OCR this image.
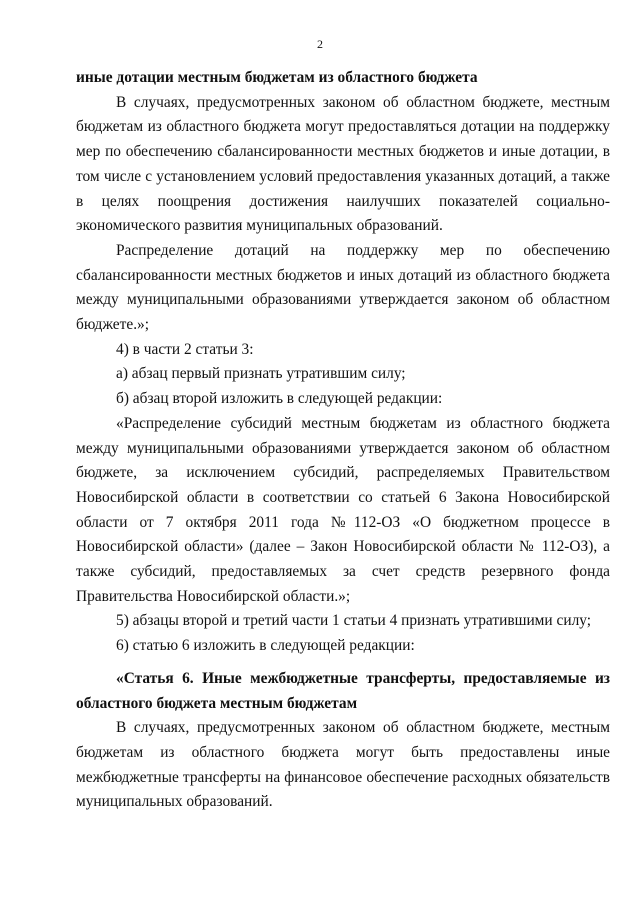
2

иные дотации местным бюджетам из областного бюджета

В случаях, предусмотренных законом об областном бюджете, местным бюджетам из областного бюджета могут предоставляться дотации на поддержку мер по обеспечению сбалансированности местных бюджетов и иные дотации, в том числе с установлением условий предоставления указанных дотаций, а также в целях поощрения достижения наилучших показателей социально-экономического развития муниципальных образований.

Распределение дотаций на поддержку мер по обеспечению сбалансированности местных бюджетов и иных дотаций из областного бюджета между муниципальными образованиями утверждается законом об областном бюджете.»;

4) в части 2 статьи 3:

а) абзац первый признать утратившим силу;

б) абзац второй изложить в следующей редакции:

«Распределение субсидий местным бюджетам из областного бюджета между муниципальными образованиями утверждается законом об областном бюджете, за исключением субсидий, распределяемых Правительством Новосибирской области в соответствии со статьей 6 Закона Новосибирской области от 7 октября 2011 года №112-ОЗ «О бюджетном процессе в Новосибирской области» (далее – Закон Новосибирской области № 112-ОЗ), а также субсидий, предоставляемых за счет средств резервного фонда Правительства Новосибирской области.»;

5) абзацы второй и третий части 1 статьи 4 признать утратившими силу;

6) статью 6 изложить в следующей редакции:

«Статья 6. Иные межбюджетные трансферты, предоставляемые из областного бюджета местным бюджетам

В случаях, предусмотренных законом об областном бюджете, местным бюджетам из областного бюджета могут быть предоставлены иные межбюджетные трансферты на финансовое обеспечение расходных обязательств муниципальных образований.
